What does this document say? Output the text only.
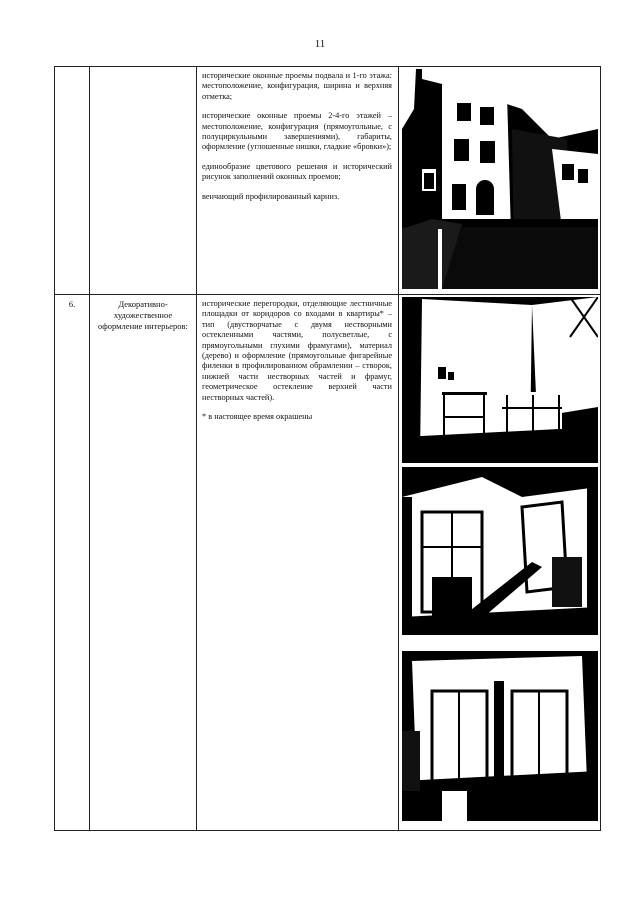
11

		исторические оконные проемы подвала и 1-го этажа: местоположение, конфигурация, ширина и верхняя отметка;

исторические оконные проемы 2-4-го этажей – местоположение, конфигурация (прямоугольные, с полуциркульными завершениями), габариты, оформление (углошенные нишки, гладкие «бровки»);

единообразие цветового решения и исторический рисунок заполнений оконных проемов;

венчающий профилированный карниз.

6.	Декоративно-художественное оформление интерьеров:	исторические перегородки, отделяющие лестничные площадки от коридоров со входами в квартиры* – тип (двустворчатые с двумя нестворными остекленными частями, полусветлые, с прямоугольными глухими фрамугами), материал (дерево) и оформление (прямоугольные фигарейные филенки в профилированном обрамлении – створок, нижней части нестворных частей и фрамуг, геометрическое остекление верхней части нестворных частей).

* в настоящее время окрашены
